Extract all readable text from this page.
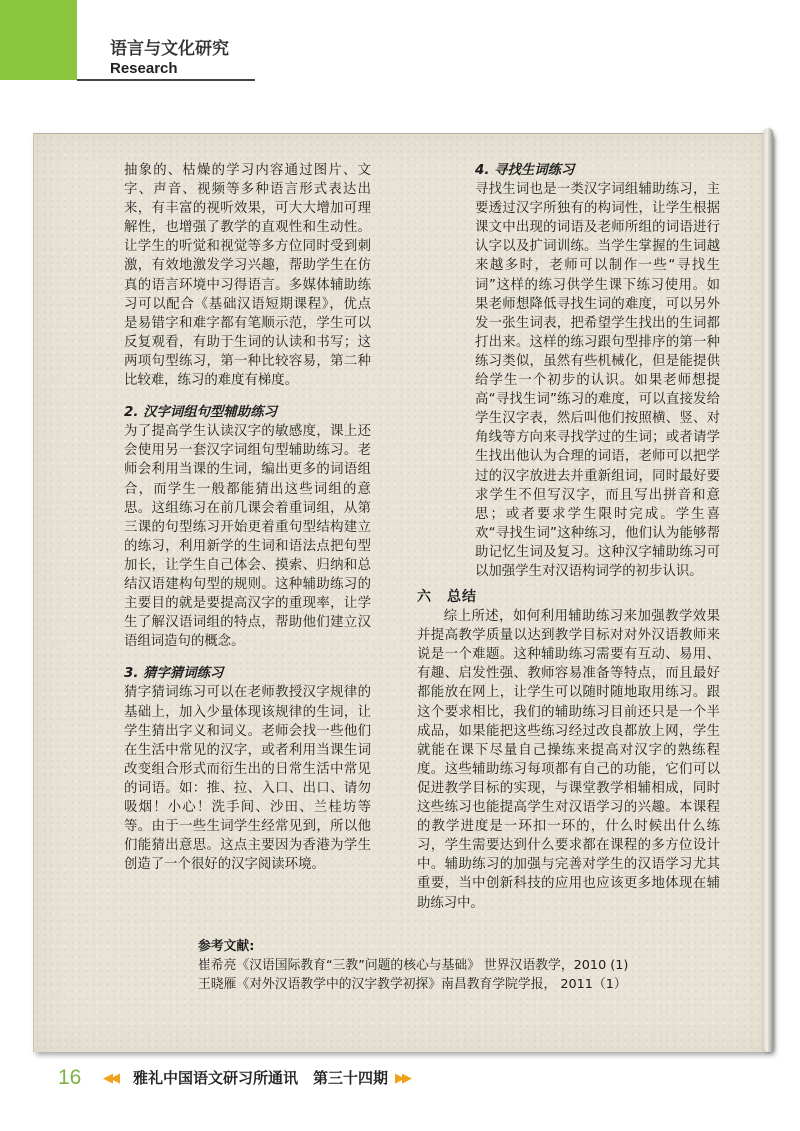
语言与文化研究
Research

抽象的、枯燥的学习内容通过图片、文字、声音、视频等多种语言形式表达出来，有丰富的视听效果，可大大增加可理解性，也增强了教学的直观性和生动性。让学生的听觉和视觉等多方位同时受到刺激，有效地激发学习兴趣，帮助学生在仿真的语言环境中习得语言。多媒体辅助练习可以配合《基础汉语短期课程》，优点是易错字和难字都有笔顺示范，学生可以反复观看，有助于生词的认读和书写；这两项句型练习，第一种比较容易，第二种比较难，练习的难度有梯度。

2. 汉字词组句型辅助练习

为了提高学生认读汉字的敏感度，课上还会使用另一套汉字词组句型辅助练习。老师会利用当课的生词，编出更多的词语组合，而学生一般都能猜出这些词组的意思。这组练习在前几课会着重词组，从第三课的句型练习开始更着重句型结构建立的练习，利用新学的生词和语法点把句型加长，让学生自己体会、摸索、归纳和总结汉语建构句型的规则。这种辅助练习的主要目的就是要提高汉字的重现率，让学生了解汉语词组的特点，帮助他们建立汉语组词造句的概念。

3. 猜字猜词练习

猜字猜词练习可以在老师教授汉字规律的基础上，加入少量体现该规律的生词，让学生猜出字义和词义。老师会找一些他们在生活中常见的汉字，或者利用当课生词改变组合形式而衍生出的日常生活中常见的词语。如：推、拉、入口、出口、请勿吸烟！小心！洗手间、沙田、兰桂坊等等。由于一些生词学生经常见到，所以他们能猜出意思。这点主要因为香港为学生创造了一个很好的汉字阅读环境。

4. 寻找生词练习

寻找生词也是一类汉字词组辅助练习，主要透过汉字所独有的构词性，让学生根据课文中出现的词语及老师所组的词语进行认字以及扩词训练。当学生掌握的生词越来越多时，老师可以制作一些“寻找生词”这样的练习供学生课下练习使用。如果老师想降低寻找生词的难度，可以另外发一张生词表，把希望学生找出的生词都打出来。这样的练习跟句型排序的第一种练习类似，虽然有些机械化，但是能提供给学生一个初步的认识。如果老师想提高“寻找生词”练习的难度，可以直接发给学生汉字表，然后叫他们按照横、竖、对角线等方向来寻找学过的生词；或者请学生找出他认为合理的词语，老师可以把学过的汉字放进去并重新组词，同时最好要求学生不但写汉字，而且写出拼音和意思；或者要求学生限时完成。学生喜欢“寻找生词”这种练习，他们认为能够帮助记忆生词及复习。这种汉字辅助练习可以加强学生对汉语构词学的初步认识。

六　总结

综上所述，如何利用辅助练习来加强教学效果并提高教学质量以达到教学目标对对外汉语教师来说是一个难题。这种辅助练习需要有互动、易用、有趣、启发性强、教师容易准备等特点，而且最好都能放在网上，让学生可以随时随地取用练习。跟这个要求相比，我们的辅助练习目前还只是一个半成品，如果能把这些练习经过改良都放上网，学生就能在课下尽量自己操练来提高对汉字的熟练程度。这些辅助练习每项都有自己的功能，它们可以促进教学目标的实现，与课堂教学相辅相成，同时这些练习也能提高学生对汉语学习的兴趣。本课程的教学进度是一环扣一环的，什么时候出什么练习，学生需要达到什么要求都在课程的多方位设计中。辅助练习的加强与完善对学生的汉语学习尤其重要，当中创新科技的应用也应该更多地体现在辅助练习中。

参考文献:
崔希亮《汉语国际教育“三教”问题的核心与基础》 世界汉语教学，2010 (1)
王晓雁《对外汉语教学中的汉字教学初探》南昌教育学院学报， 2011（1）
16 ◀◀ 雅礼中国语文研习所通讯　第三十四期 ▶▶
